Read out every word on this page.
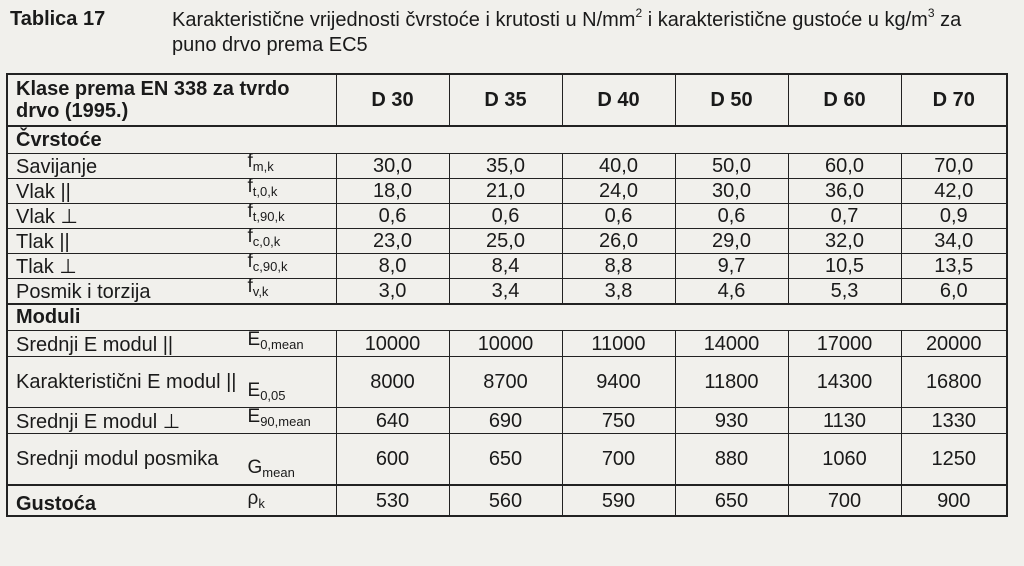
Tablica 17	Karakteristične vrijednosti čvrstoće i krutosti u $N/mm^2$ i karakteristične gustoće u $kg/m^3$ za puno drvo prema EC5
Klase prema EN 338 za tvrdo drvo (1995.)	D 30	D 35	D 40	D 50	D 60	D 70
Čvrstoće						

Savijanje $f_{m,k}$	30,0	35,0	40,0	50,0	60,0	70,0

Vlak || $f_{t,0,k}$	18,0	21,0	24,0	30,0	36,0	42,0

Vlak ⊥ $f_{t,90,k}$	0,6	0,6	0,6	0,6	0,7	0,9

Tlak || $f_{c,0,k}$	23,0	25,0	26,0	29,0	32,0	34,0

Tlak ⊥ $f_{c,90,k}$	8,0	8,4	8,8	9,7	10,5	13,5

Posmik i torzija $f_{v,k}$	3,0	3,4	3,8	4,6	5,3	6,0
Moduli						

Srednji E modul || $E_{0,mean}$	10000	10000	11000	14000	17000	20000

Karakteristični E modul || $E_{0,05}$	8000	8700	9400	11800	14300	16800

Srednji E modul ⊥ $E_{90,mean}$	640	690	750	930	1130	1330

Srednji modul posmika $G_{mean}$	600	650	700	880	1060	1250

Gustoća $\rho_k$	530	560	590	650	700	900
